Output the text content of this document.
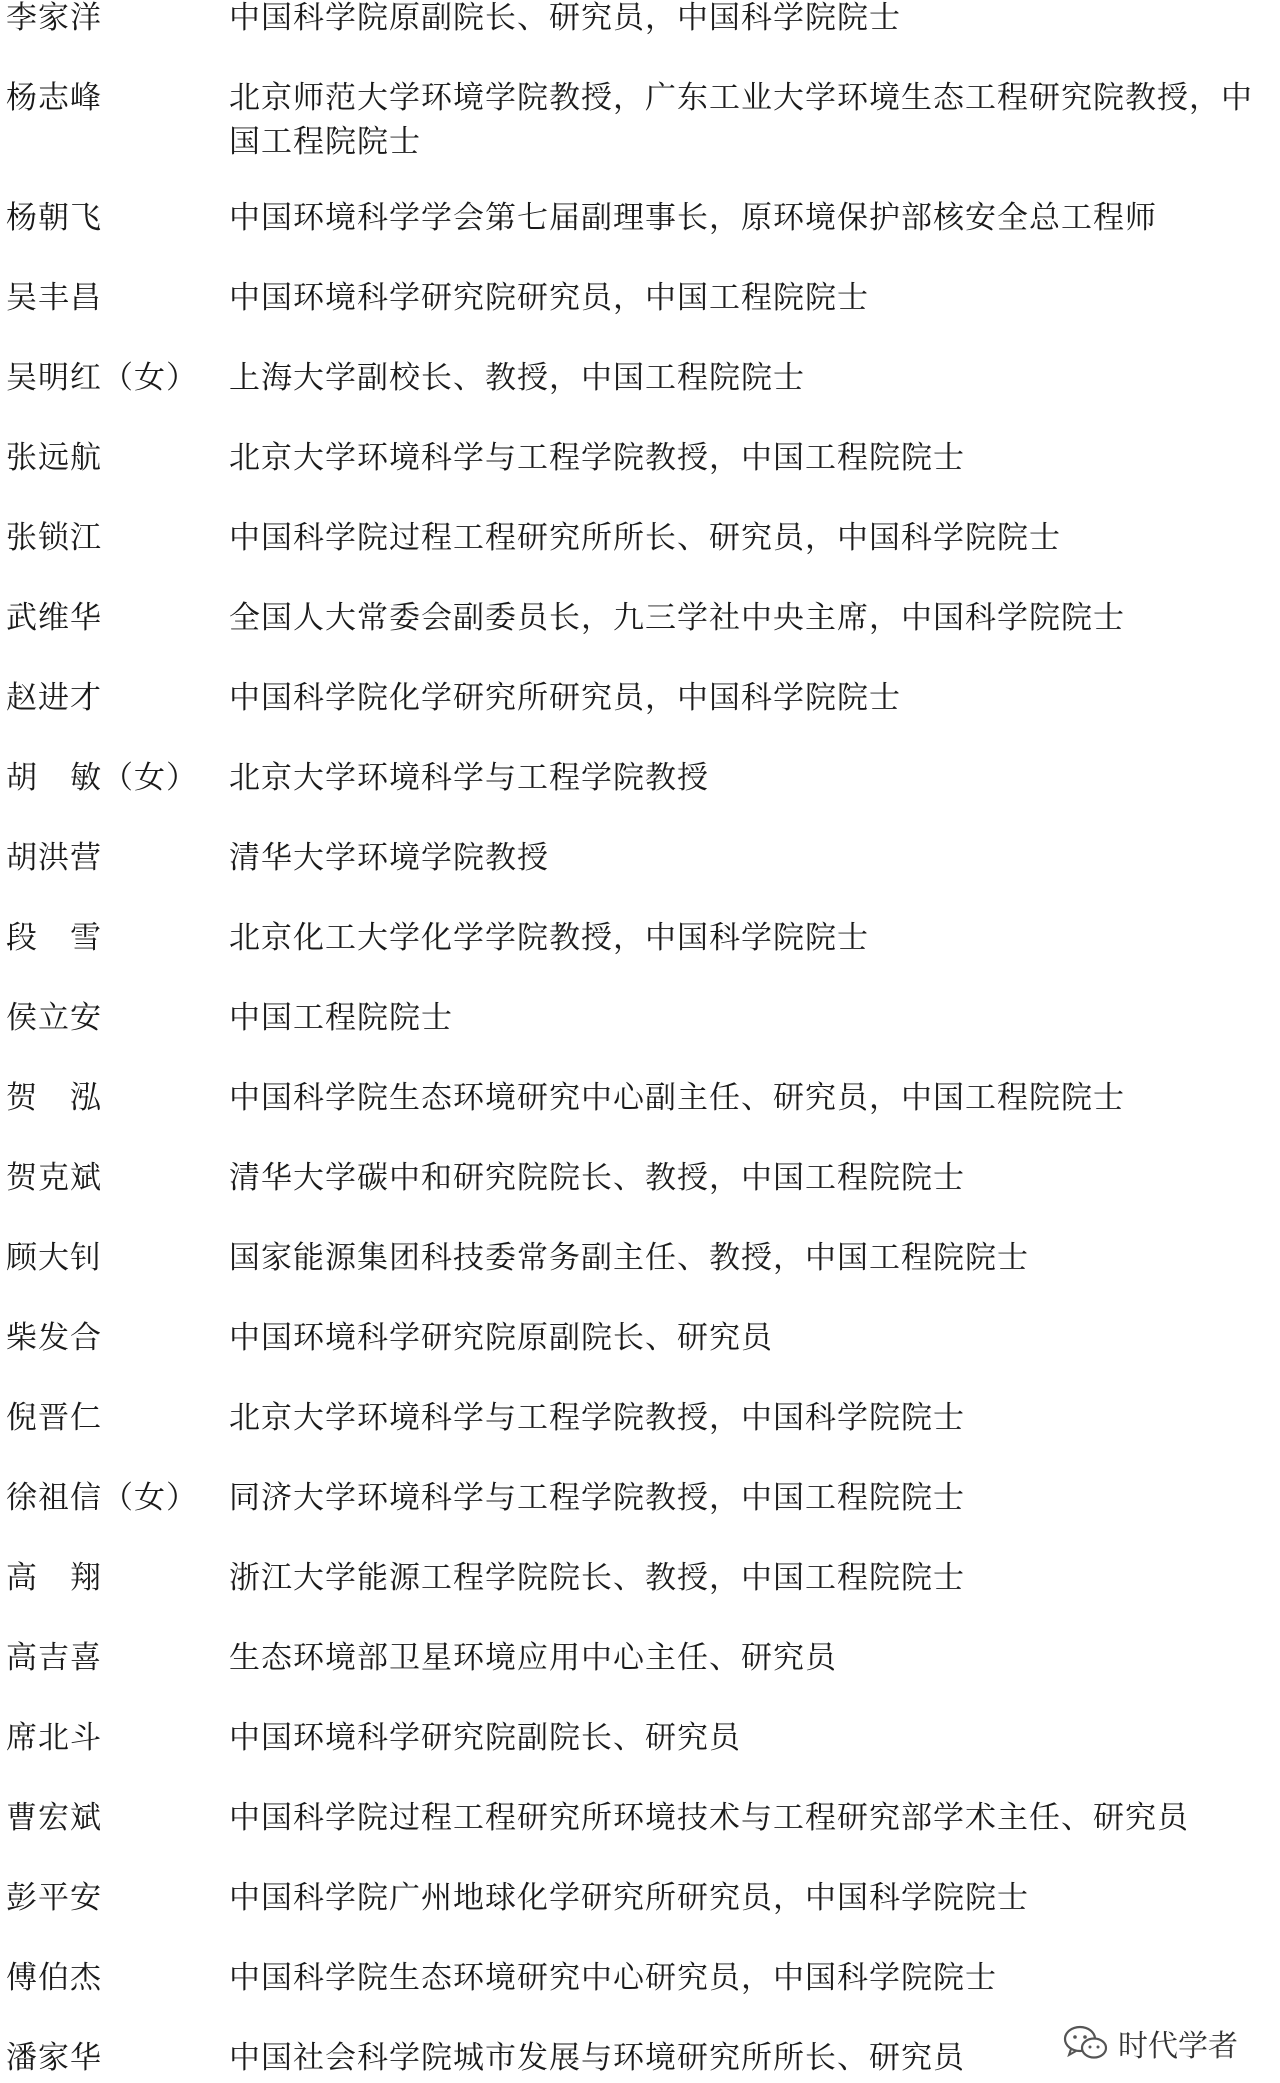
李家洋	中国科学院原副院长、研究员，中国科学院院士
杨志峰	北京师范大学环境学院教授，广东工业大学环境生态工程研究院教授，中国工程院院士
杨朝飞	中国环境科学学会第七届副理事长，原环境保护部核安全总工程师
吴丰昌	中国环境科学研究院研究员，中国工程院院士
吴明红（女） 上海大学副校长、教授，中国工程院院士
张远航	北京大学环境科学与工程学院教授，中国工程院院士
张锁江	中国科学院过程工程研究所所长、研究员，中国科学院院士
武维华	全国人大常委会副委员长，九三学社中央主席，中国科学院院士
赵进才	中国科学院化学研究所研究员，中国科学院院士
胡　敏（女） 北京大学环境科学与工程学院教授
胡洪营	清华大学环境学院教授
段　雪	北京化工大学化学学院教授，中国科学院院士
侯立安	中国工程院院士
贺　泓	中国科学院生态环境研究中心副主任、研究员，中国工程院院士
贺克斌	清华大学碳中和研究院院长、教授，中国工程院院士
顾大钊	国家能源集团科技委常务副主任、教授，中国工程院院士
柴发合	中国环境科学研究院原副院长、研究员
倪晋仁	北京大学环境科学与工程学院教授，中国科学院院士
徐祖信（女） 同济大学环境科学与工程学院教授，中国工程院院士
高　翔	浙江大学能源工程学院院长、教授，中国工程院院士
高吉喜	生态环境部卫星环境应用中心主任、研究员
席北斗	中国环境科学研究院副院长、研究员
曹宏斌	中国科学院过程工程研究所环境技术与工程研究部学术主任、研究员
彭平安	中国科学院广州地球化学研究所研究员，中国科学院院士
傅伯杰	中国科学院生态环境研究中心研究员，中国科学院院士
潘家华	中国社会科学院城市发展与环境研究所所长、研究员	时代学者
